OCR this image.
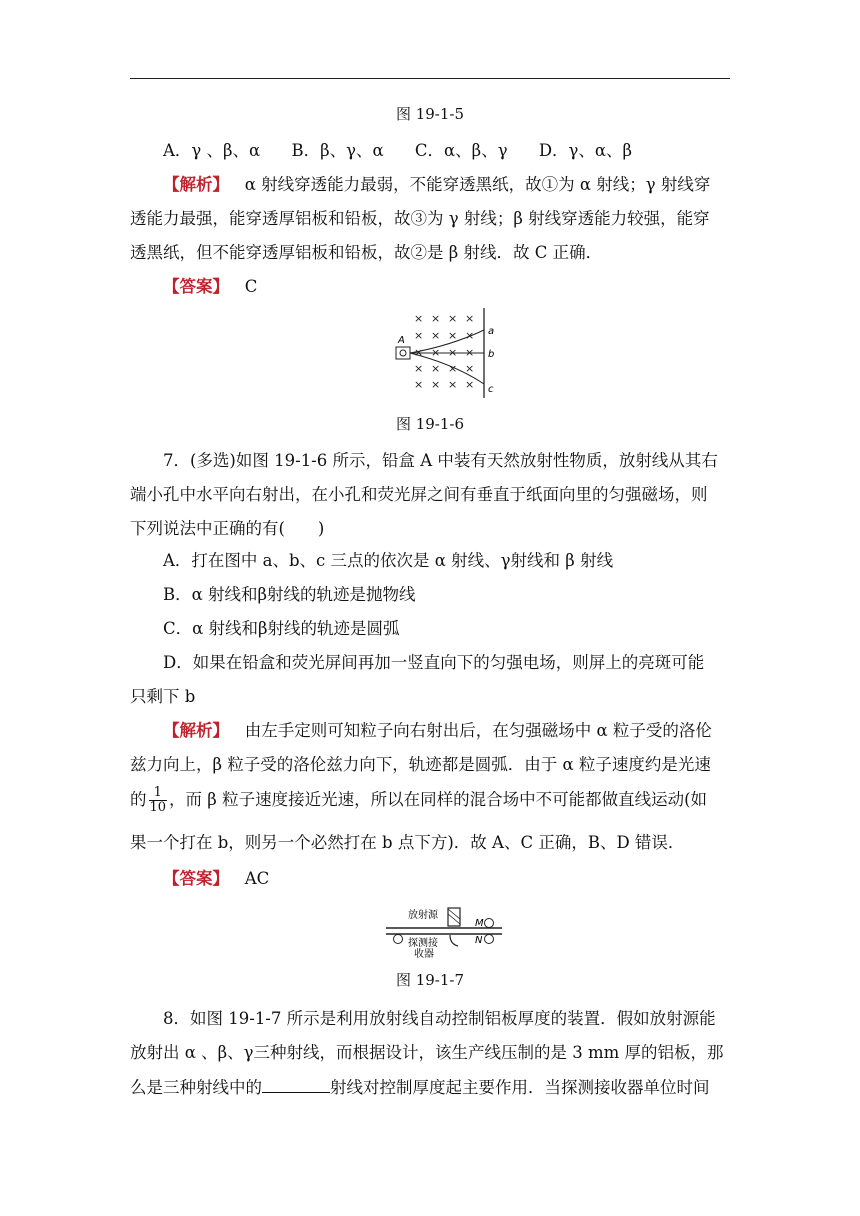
图 19-1-5
A．γ 、β、α B．β、γ、α C．α、β、γ D．γ、α、β
【解析】 α 射线穿透能力最弱，不能穿透黑纸，故①为 α 射线；γ 射线穿
透能力最强，能穿透厚铝板和铅板，故③为 γ 射线；β 射线穿透能力较强，能穿
透黑纸，但不能穿透厚铝板和铅板，故②是 β 射线．故 C 正确．
【答案】 C
× × × ×
× × × ×
× × × ×
× × × ×
× × × ×
A
a
b
c
图 19-1-6
7．(多选)如图 19-1-6 所示，铅盒 A 中装有天然放射性物质，放射线从其右
端小孔中水平向右射出，在小孔和荧光屏之间有垂直于纸面向里的匀强磁场，则
下列说法中正确的有(　　)
A．打在图中 a、b、c 三点的依次是 α 射线、γ射线和 β 射线
B．α 射线和β射线的轨迹是抛物线
C．α 射线和β射线的轨迹是圆弧
D．如果在铅盒和荧光屏间再加一竖直向下的匀强电场，则屏上的亮斑可能
只剩下 b
【解析】 由左手定则可知粒子向右射出后，在匀强磁场中 α 粒子受的洛伦
兹力向上，β 粒子受的洛伦兹力向下，轨迹都是圆弧．由于 α 粒子速度约是光速
的 $\frac{1}{10}$ ，而 β 粒子速度接近光速，所以在同样的混合场中不可能都做直线运动(如
果一个打在 b，则另一个必然打在 b 点下方)．故 A、C 正确，B、D 错误．
【答案】 AC
放射源
M
N
探测接
收器
图 19-1-7
8．如图 19-1-7 所示是利用放射线自动控制铝板厚度的装置．假如放射源能
放射出 α 、β、γ三种射线，而根据设计，该生产线压制的是 3 mm 厚的铝板，那
么是三种射线中的	射线对控制厚度起主要作用．当探测接收器单位时间
